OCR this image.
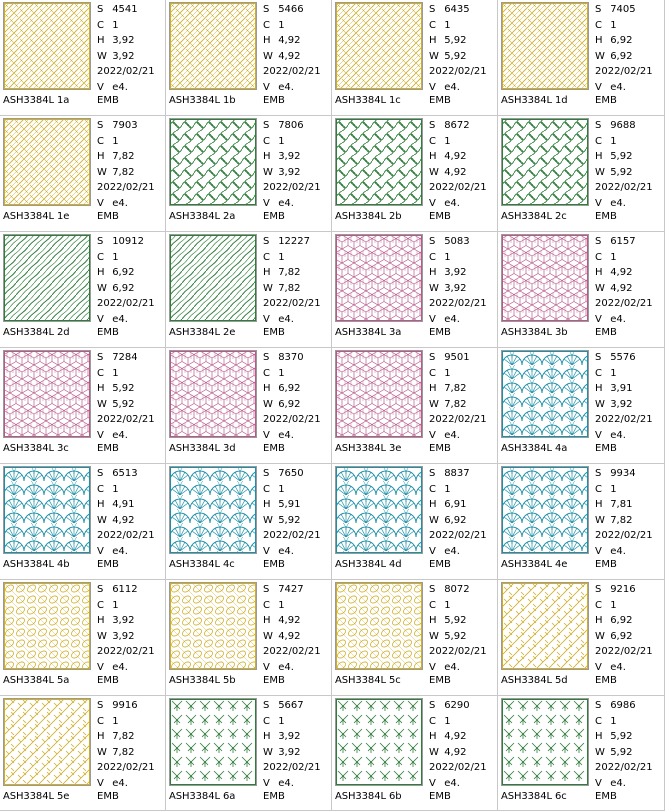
S 4541
C 1
H 3,92
W 3,92
2022/02/21
V e4.
ASH3384L 1a	EMB
S 5466
C 1
H 4,92
W 4,92
2022/02/21
V e4.
ASH3384L 1b	EMB
S 6435
C 1
H 5,92
W 5,92
2022/02/21
V e4.
ASH3384L 1c	EMB
S 7405
C 1
H 6,92
W 6,92
2022/02/21
V e4.
ASH3384L 1d	EMB
S 7903
C 1
H 7,82
W 7,82
2022/02/21
V e4.
ASH3384L 1e	EMB
S 7806
C 1
H 3,92
W 3,92
2022/02/21
V e4.
ASH3384L 2a	EMB
S 8672
C 1
H 4,92
W 4,92
2022/02/21
V e4.
ASH3384L 2b	EMB
S 9688
C 1
H 5,92
W 5,92
2022/02/21
V e4.
ASH3384L 2c	EMB
S 10912
C 1
H 6,92
W 6,92
2022/02/21
V e4.
ASH3384L 2d	EMB
S 12227
C 1
H 7,82
W 7,82
2022/02/21
V e4.
ASH3384L 2e	EMB
S 5083
C 1
H 3,92
W 3,92
2022/02/21
V e4.
ASH3384L 3a	EMB
S 6157
C 1
H 4,92
W 4,92
2022/02/21
V e4.
ASH3384L 3b	EMB
S 7284
C 1
H 5,92
W 5,92
2022/02/21
V e4.
ASH3384L 3c	EMB
S 8370
C 1
H 6,92
W 6,92
2022/02/21
V e4.
ASH3384L 3d	EMB
S 9501
C 1
H 7,82
W 7,82
2022/02/21
V e4.
ASH3384L 3e	EMB
S 5576
C 1
H 3,91
W 3,92
2022/02/21
V e4.
ASH3384L 4a	EMB
S 6513
C 1
H 4,91
W 4,92
2022/02/21
V e4.
ASH3384L 4b	EMB
S 7650
C 1
H 5,91
W 5,92
2022/02/21
V e4.
ASH3384L 4c	EMB
S 8837
C 1
H 6,91
W 6,92
2022/02/21
V e4.
ASH3384L 4d	EMB
S 9934
C 1
H 7,81
W 7,82
2022/02/21
V e4.
ASH3384L 4e	EMB
S 6112
C 1
H 3,92
W 3,92
2022/02/21
V e4.
ASH3384L 5a	EMB
S 7427
C 1
H 4,92
W 4,92
2022/02/21
V e4.
ASH3384L 5b	EMB
S 8072
C 1
H 5,92
W 5,92
2022/02/21
V e4.
ASH3384L 5c	EMB
S 9216
C 1
H 6,92
W 6,92
2022/02/21
V e4.
ASH3384L 5d	EMB
S 9916
C 1
H 7,82
W 7,82
2022/02/21
V e4.
ASH3384L 5e	EMB
S 5667
C 1
H 3,92
W 3,92
2022/02/21
V e4.
ASH3384L 6a	EMB
S 6290
C 1
H 4,92
W 4,92
2022/02/21
V e4.
ASH3384L 6b	EMB
S 6986
C 1
H 5,92
W 5,92
2022/02/21
V e4.
ASH3384L 6c	EMB
